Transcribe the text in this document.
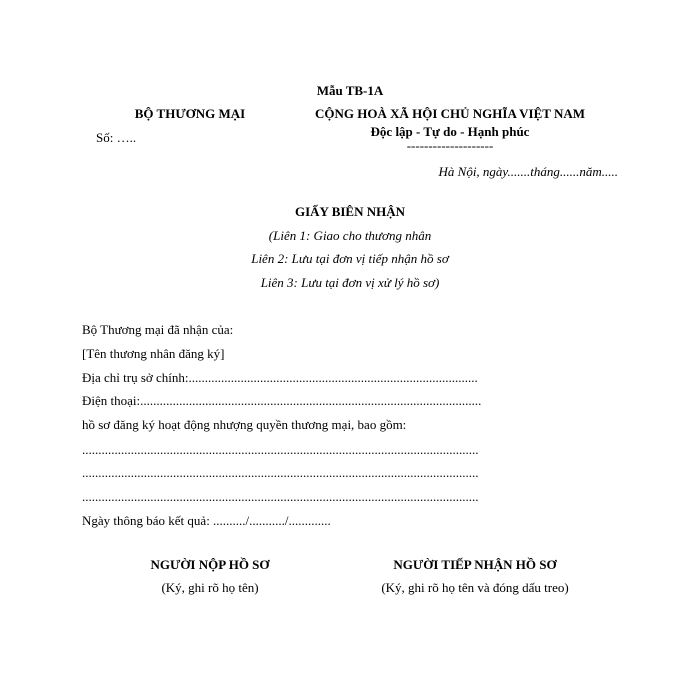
Mẫu TB-1A
BỘ THƯƠNG MẠI
Số: …..
CỘNG HOÀ XÃ HỘI CHỦ NGHĨA VIỆT NAM
Độc lập - Tự do - Hạnh phúc
--------------------
Hà Nội, ngày.......tháng......năm.....
GIẤY BIÊN NHẬN
(Liên 1: Giao cho thương nhân
Liên 2: Lưu tại đơn vị tiếp nhận hồ sơ
Liên 3: Lưu tại đơn vị xử lý hồ sơ)
Bộ Thương mại đã nhận của:
[Tên thương nhân đăng ký]
Địa chỉ trụ sở chính:.........................................................................................
Điện thoại:.........................................................................................................
hồ sơ đăng ký hoạt động nhượng quyền thương mại, bao gồm:
..........................................................................................................................
..........................................................................................................................
..........................................................................................................................
Ngày thông báo kết quả: ........../.........../.............
NGƯỜI NỘP HỒ SƠ
(Ký, ghi rõ họ tên)
NGƯỜI TIẾP NHẬN HỒ SƠ
(Ký, ghi rõ họ tên và đóng dấu treo)
